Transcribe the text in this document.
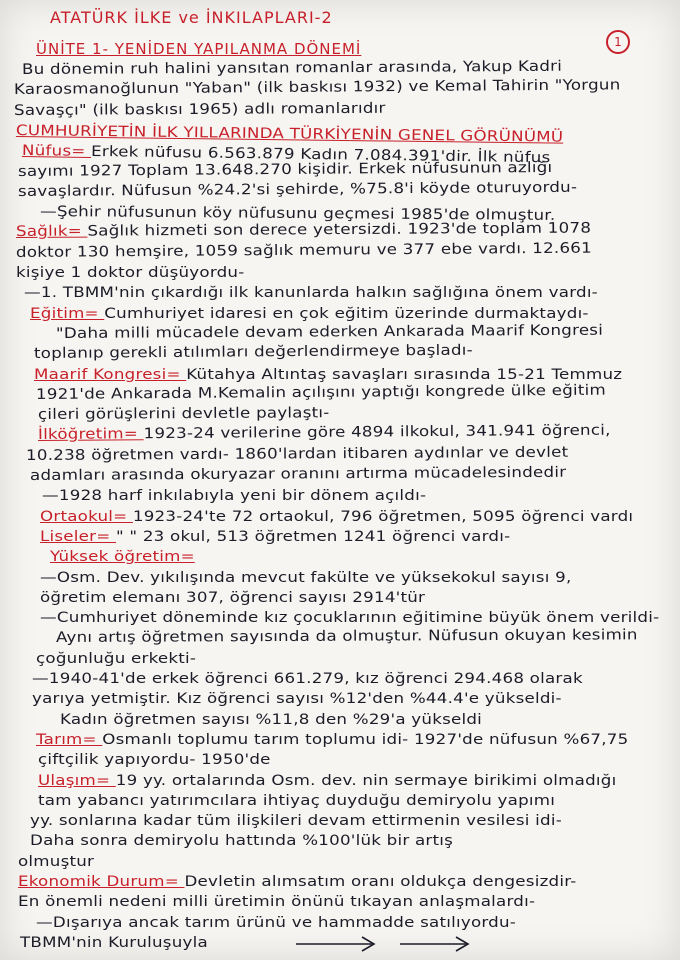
ATATÜRK İLKE ve İNKILAPLARI-2
ÜNİTE 1- YENİDEN YAPILANMA DÖNEMİ	1
Bu dönemin ruh halini yansıtan romanlar arasında, Yakup Kadri
Karaosmanoğlunun "Yaban" (ilk baskısı 1932) ve Kemal Tahirin "Yorgun
Savaşçı" (ilk baskısı 1965) adlı romanlarıdır
CUMHURİYETİN İLK YILLARINDA TÜRKİYENİN GENEL GÖRÜNÜMÜ
Nüfus= Erkek nüfusu 6.563.879 Kadın 7.084.391'dir. İlk nüfus
sayımı 1927 Toplam 13.648.270 kişidir. Erkek nüfusunun azlığı
savaşlardır. Nüfusun %24.2'si şehirde, %75.8'i köyde oturuyordu-
—Şehir nüfusunun köy nüfusunu geçmesi 1985'de olmuştur.
Sağlık= Sağlık hizmeti son derece yetersizdi. 1923'de toplam 1078
doktor 130 hemşire, 1059 sağlık memuru ve 377 ebe vardı. 12.661
kişiye 1 doktor düşüyordu-
—1. TBMM'nin çıkardığı ilk kanunlarda halkın sağlığına önem vardı-
Eğitim= Cumhuriyet idaresi en çok eğitim üzerinde durmaktaydı-
"Daha milli mücadele devam ederken Ankarada Maarif Kongresi
toplanıp gerekli atılımları değerlendirmeye başladı-
Maarif Kongresi= Kütahya Altıntaş savaşları sırasında 15-21 Temmuz
1921'de Ankarada M.Kemalin açılışını yaptığı kongrede ülke eğitim
çileri görüşlerini devletle paylaştı-
İlköğretim= 1923-24 verilerine göre 4894 ilkokul, 341.941 öğrenci,
10.238 öğretmen vardı- 1860'lardan itibaren aydınlar ve devlet
adamları arasında okuryazar oranını artırma mücadelesindedir
—1928 harf inkılabıyla yeni bir dönem açıldı-
Ortaokul= 1923-24'te 72 ortaokul, 796 öğretmen, 5095 öğrenci vardı
Liseler= " " 23 okul, 513 öğretmen 1241 öğrenci vardı-
Yüksek öğretim=
—Osm. Dev. yıkılışında mevcut fakülte ve yüksekokul sayısı 9,
öğretim elemanı 307, öğrenci sayısı 2914'tür
—Cumhuriyet döneminde kız çocuklarının eğitimine büyük önem verildi-
Aynı artış öğretmen sayısında da olmuştur. Nüfusun okuyan kesimin
çoğunluğu erkekti-
—1940-41'de erkek öğrenci 661.279, kız öğrenci 294.468 olarak
yarıya yetmiştir. Kız öğrenci sayısı %12'den %44.4'e yükseldi-
Kadın öğretmen sayısı %11,8 den %29'a yükseldi
Tarım= Osmanlı toplumu tarım toplumu idi- 1927'de nüfusun %67,75
çiftçilik yapıyordu- 1950'de
Ulaşım= 19 yy. ortalarında Osm. dev. nin sermaye birikimi olmadığı
tam yabancı yatırımcılara ihtiyaç duyduğu demiryolu yapımı
yy. sonlarına kadar tüm ilişkileri devam ettirmenin vesilesi idi-
Daha sonra demiryolu hattında %100'lük bir artış
olmuştur
Ekonomik Durum= Devletin alımsatım oranı oldukça dengesizdir-
En önemli nedeni milli üretimin önünü tıkayan anlaşmalardı-
—Dışarıya ancak tarım ürünü ve hammadde satılıyordu-
TBMM'nin Kuruluşuyla
